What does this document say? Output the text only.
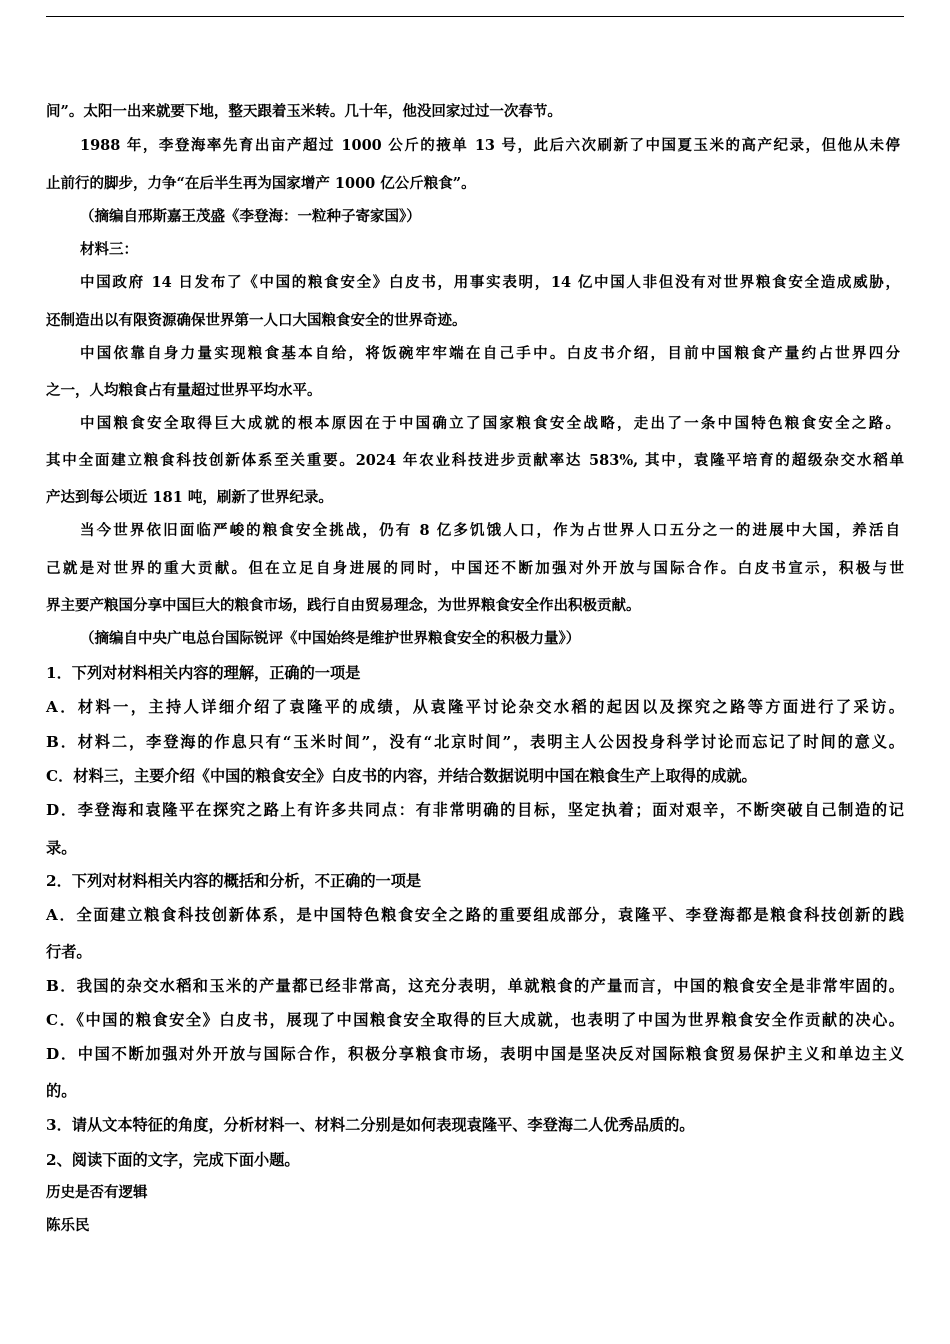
间”。太阳一出来就要下地，整天跟着玉米转。几十年，他没回家过过一次春节。
1988 年，李登海率先育出亩产超过 1000 公斤的掖单 13 号，此后六次刷新了中国夏玉米的高产纪录，但他从未停
止前行的脚步，力争“在后半生再为国家增产 1000 亿公斤粮食”。
（摘编自邢斯嘉王茂盛《李登海：一粒种子寄家国》）
材料三：
中国政府 14 日发布了《中国的粮食安全》白皮书，用事实表明，14 亿中国人非但没有对世界粮食安全造成威胁，
还制造出以有限资源确保世界第一人口大国粮食安全的世界奇迹。
中国依靠自身力量实现粮食基本自给，将饭碗牢牢端在自己手中。白皮书介绍，目前中国粮食产量约占世界四分
之一，人均粮食占有量超过世界平均水平。
中国粮食安全取得巨大成就的根本原因在于中国确立了国家粮食安全战略，走出了一条中国特色粮食安全之路。
其中全面建立粮食科技创新体系至关重要。2024 年农业科技进步贡献率达 583%, 其中，袁隆平培育的超级杂交水稻单
产达到每公顷近 181 吨，刷新了世界纪录。
当今世界依旧面临严峻的粮食安全挑战，仍有 8 亿多饥饿人口，作为占世界人口五分之一的进展中大国，养活自
己就是对世界的重大贡献。但在立足自身进展的同时，中国还不断加强对外开放与国际合作。白皮书宣示，积极与世
界主要产粮国分享中国巨大的粮食市场，践行自由贸易理念，为世界粮食安全作出积极贡献。
（摘编自中央广电总台国际锐评《中国始终是维护世界粮食安全的积极力量》）
1．下列对材料相关内容的理解，正确的一项是
A．材料一，主持人详细介绍了袁隆平的成绩，从袁隆平讨论杂交水稻的起因以及探究之路等方面进行了采访。
B．材料二，李登海的作息只有“玉米时间”，没有“北京时间”，表明主人公因投身科学讨论而忘记了时间的意义。
C．材料三，主要介绍《中国的粮食安全》白皮书的内容，并结合数据说明中国在粮食生产上取得的成就。
D．李登海和袁隆平在探究之路上有许多共同点：有非常明确的目标，坚定执着；面对艰辛，不断突破自己制造的记
录。
2．下列对材料相关内容的概括和分析，不正确的一项是
A．全面建立粮食科技创新体系，是中国特色粮食安全之路的重要组成部分，袁隆平、李登海都是粮食科技创新的践
行者。
B．我国的杂交水稻和玉米的产量都已经非常高，这充分表明，单就粮食的产量而言，中国的粮食安全是非常牢固的。
C．《中国的粮食安全》白皮书，展现了中国粮食安全取得的巨大成就，也表明了中国为世界粮食安全作贡献的决心。
D．中国不断加强对外开放与国际合作，积极分享粮食市场，表明中国是坚决反对国际粮食贸易保护主义和单边主义
的。
3．请从文本特征的角度，分析材料一、材料二分别是如何表现袁隆平、李登海二人优秀品质的。
2、阅读下面的文字，完成下面小题。
历史是否有逻辑
陈乐民
